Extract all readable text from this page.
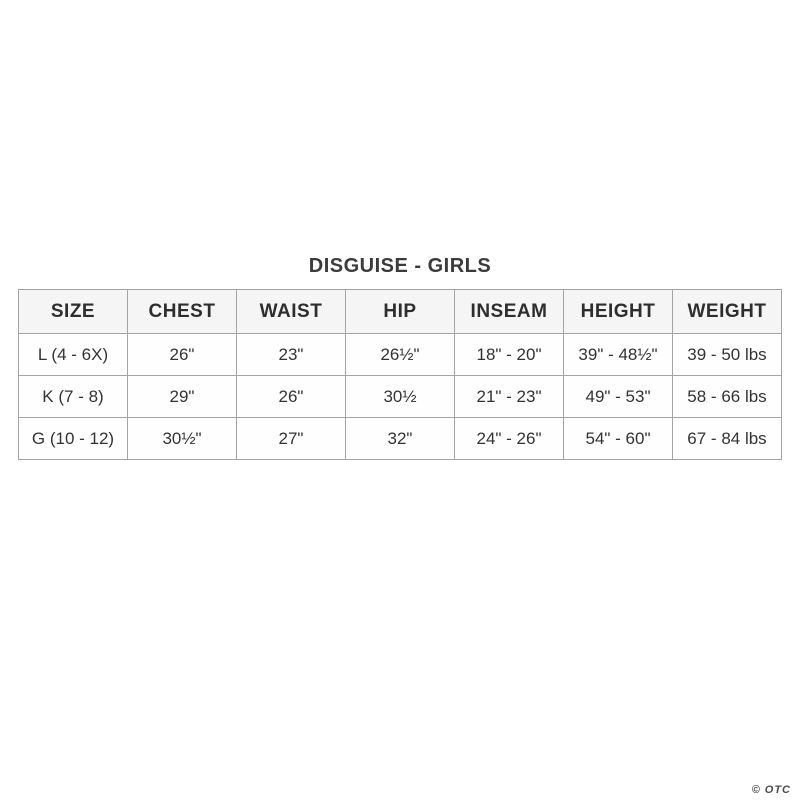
DISGUISE - GIRLS
SIZE	CHEST	WAIST	HIP	INSEAM	HEIGHT	WEIGHT
L (4 - 6X)	26"	23"	26½"	18" - 20"	39" - 48½"	39 - 50 lbs
K (7 - 8)	29"	26"	30½	21" - 23"	49" - 53"	58 - 66 lbs
G (10 - 12)	30½"	27"	32"	24" - 26"	54" - 60"	67 - 84 lbs
© OTC
